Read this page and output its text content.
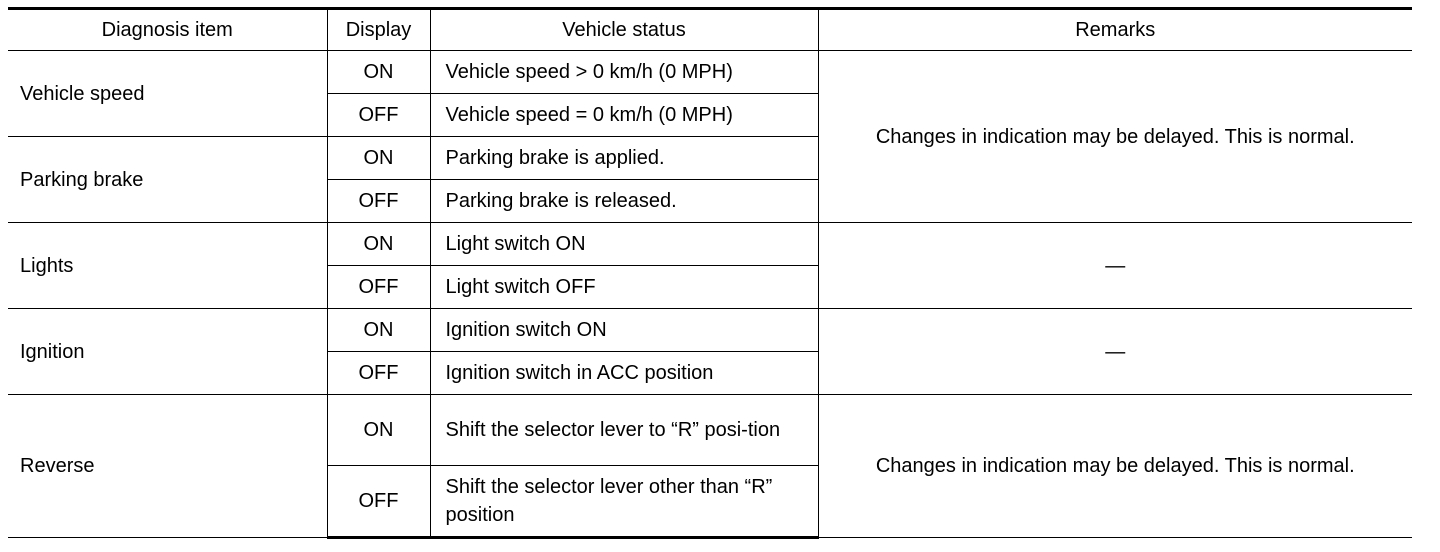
Diagnosis item	Display	Vehicle status	Remarks
Vehicle speed	ON	Vehicle speed > 0 km/h (0 MPH)	Changes in indication may be delayed. This is normal.
	OFF	Vehicle speed = 0 km/h (0 MPH)	
Parking brake	ON	Parking brake is applied.	
	OFF	Parking brake is released.	
Lights	ON	Light switch ON	—
	OFF	Light switch OFF	
Ignition	ON	Ignition switch ON	—
	OFF	Ignition switch in ACC position	
Reverse	ON	Shift the selector lever to “R” posi-tion	Changes in indication may be delayed. This is normal.
	OFF	Shift the selector lever other than “R” position	
